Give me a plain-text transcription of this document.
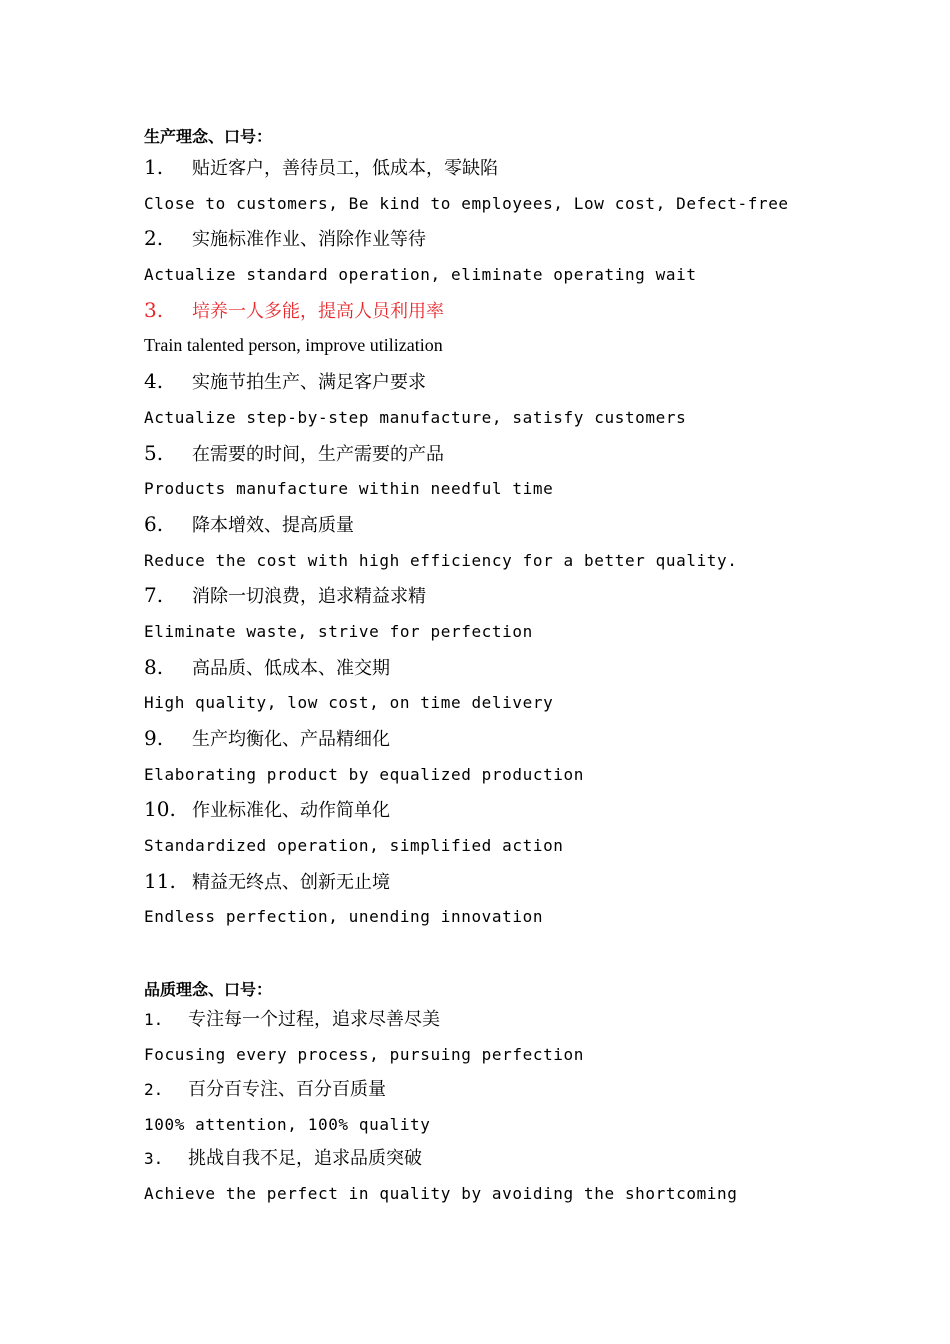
生产理念、口号：
1. 贴近客户，善待员工，低成本，零缺陷
Close to customers, Be kind to employees, Low cost, Defect-free
2. 实施标准作业、消除作业等待
Actualize standard operation, eliminate operating wait
3. 培养一人多能，提高人员利用率
Train talented person, improve utilization
4. 实施节拍生产、满足客户要求
Actualize step-by-step manufacture, satisfy customers
5. 在需要的时间，生产需要的产品
Products manufacture within needful time
6. 降本增效、提高质量
Reduce the cost with high efficiency for a better quality.
7. 消除一切浪费，追求精益求精
Eliminate waste, strive for perfection
8. 高品质、低成本、准交期
High quality, low cost, on time delivery
9. 生产均衡化、产品精细化
Elaborating product by equalized production
10. 作业标准化、动作简单化
Standardized operation, simplified action
11. 精益无终点、创新无止境
Endless perfection, unending innovation
品质理念、口号：
1. 专注每一个过程，追求尽善尽美
Focusing every process, pursuing perfection
2. 百分百专注、百分百质量
100% attention, 100% quality
3. 挑战自我不足，追求品质突破
Achieve the perfect in quality by avoiding the shortcoming
